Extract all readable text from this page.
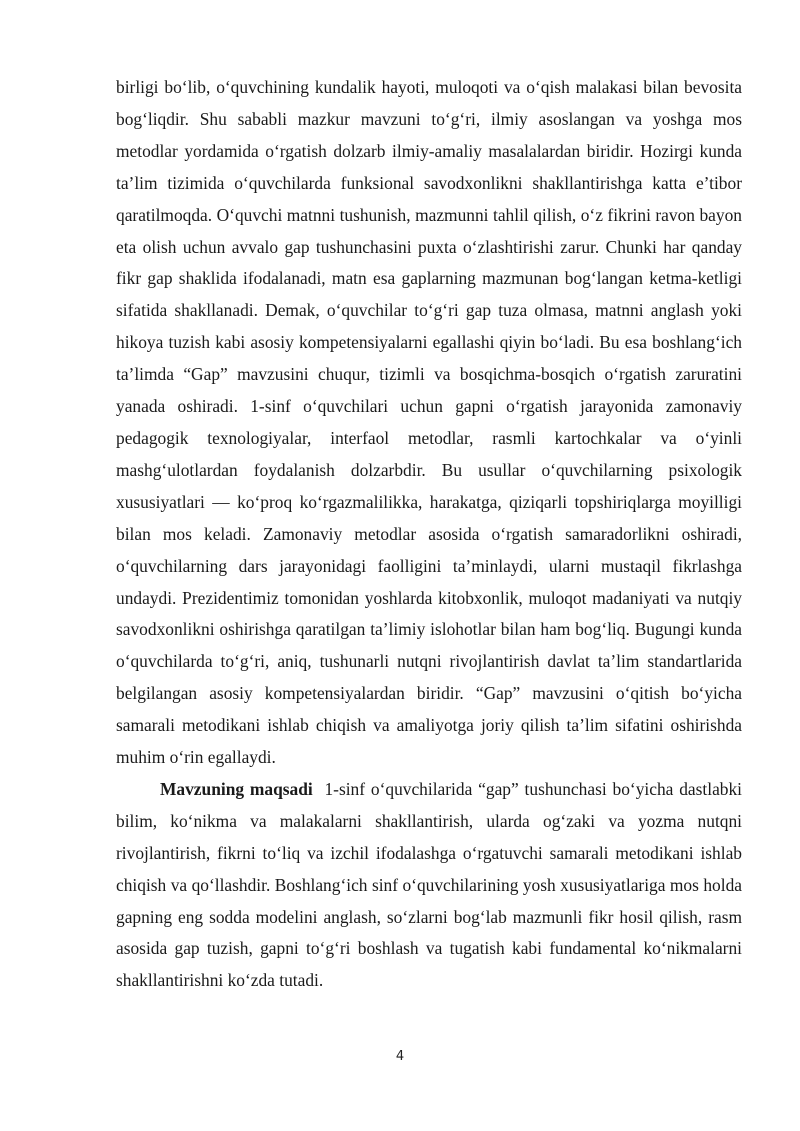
birligi bo‘lib, o‘quvchining kundalik hayoti, muloqoti va o‘qish malakasi bilan bevosita bog‘liqdir. Shu sababli mazkur mavzuni to‘g‘ri, ilmiy asoslangan va yoshga mos metodlar yordamida o‘rgatish dolzarb ilmiy-amaliy masalalardan biridir. Hozirgi kunda ta’lim tizimida o‘quvchilarda funksional savodxonlikni shakllantirishga katta e’tibor qaratilmoqda. O‘quvchi matnni tushunish, mazmunni tahlil qilish, o‘z fikrini ravon bayon eta olish uchun avvalo gap tushunchasini puxta o‘zlashtirishi zarur. Chunki har qanday fikr gap shaklida ifodalanadi, matn esa gaplarning mazmunan bog‘langan ketma-ketligi sifatida shakllanadi. Demak, o‘quvchilar to‘g‘ri gap tuza olmasa, matnni anglash yoki hikoya tuzish kabi asosiy kompetensiyalarni egallashi qiyin bo‘ladi. Bu esa boshlang‘ich ta’limda “Gap” mavzusini chuqur, tizimli va bosqichma-bosqich o‘rgatish zaruratini yanada oshiradi. 1-sinf o‘quvchilari uchun gapni o‘rgatish jarayonida zamonaviy pedagogik texnologiyalar, interfaol metodlar, rasmli kartochkalar va o‘yinli mashg‘ulotlardan foydalanish dolzarbdir. Bu usullar o‘quvchilarning psixologik xususiyatlari — ko‘proq ko‘rgazmalilikka, harakatga, qiziqarli topshiriqlarga moyilligi bilan mos keladi. Zamonaviy metodlar asosida o‘rgatish samaradorlikni oshiradi, o‘quvchilarning dars jarayonidagi faolligini ta’minlaydi, ularni mustaqil fikrlashga undaydi. Prezidentimiz tomonidan yoshlarda kitobxonlik, muloqot madaniyati va nutqiy savodxonlikni oshirishga qaratilgan ta’limiy islohotlar bilan ham bog‘liq. Bugungi kunda o‘quvchilarda to‘g‘ri, aniq, tushunarli nutqni rivojlantirish davlat ta’lim standartlarida belgilangan asosiy kompetensiyalardan biridir. “Gap” mavzusini o‘qitish bo‘yicha samarali metodikani ishlab chiqish va amaliyotga joriy qilish ta’lim sifatini oshirishda muhim o‘rin egallaydi.

Mavzuning maqsadi  1-sinf o‘quvchilarida “gap” tushunchasi bo‘yicha dastlabki bilim, ko‘nikma va malakalarni shakllantirish, ularda og‘zaki va yozma nutqni rivojlantirish, fikrni to‘liq va izchil ifodalashga o‘rgatuvchi samarali metodikani ishlab chiqish va qo‘llashdir. Boshlang‘ich sinf o‘quvchilarining yosh xususiyatlariga mos holda gapning eng sodda modelini anglash, so‘zlarni bog‘lab mazmunli fikr hosil qilish, rasm asosida gap tuzish, gapni to‘g‘ri boshlash va tugatish kabi fundamental ko‘nikmalarni shakllantirishni ko‘zda tutadi.

4
